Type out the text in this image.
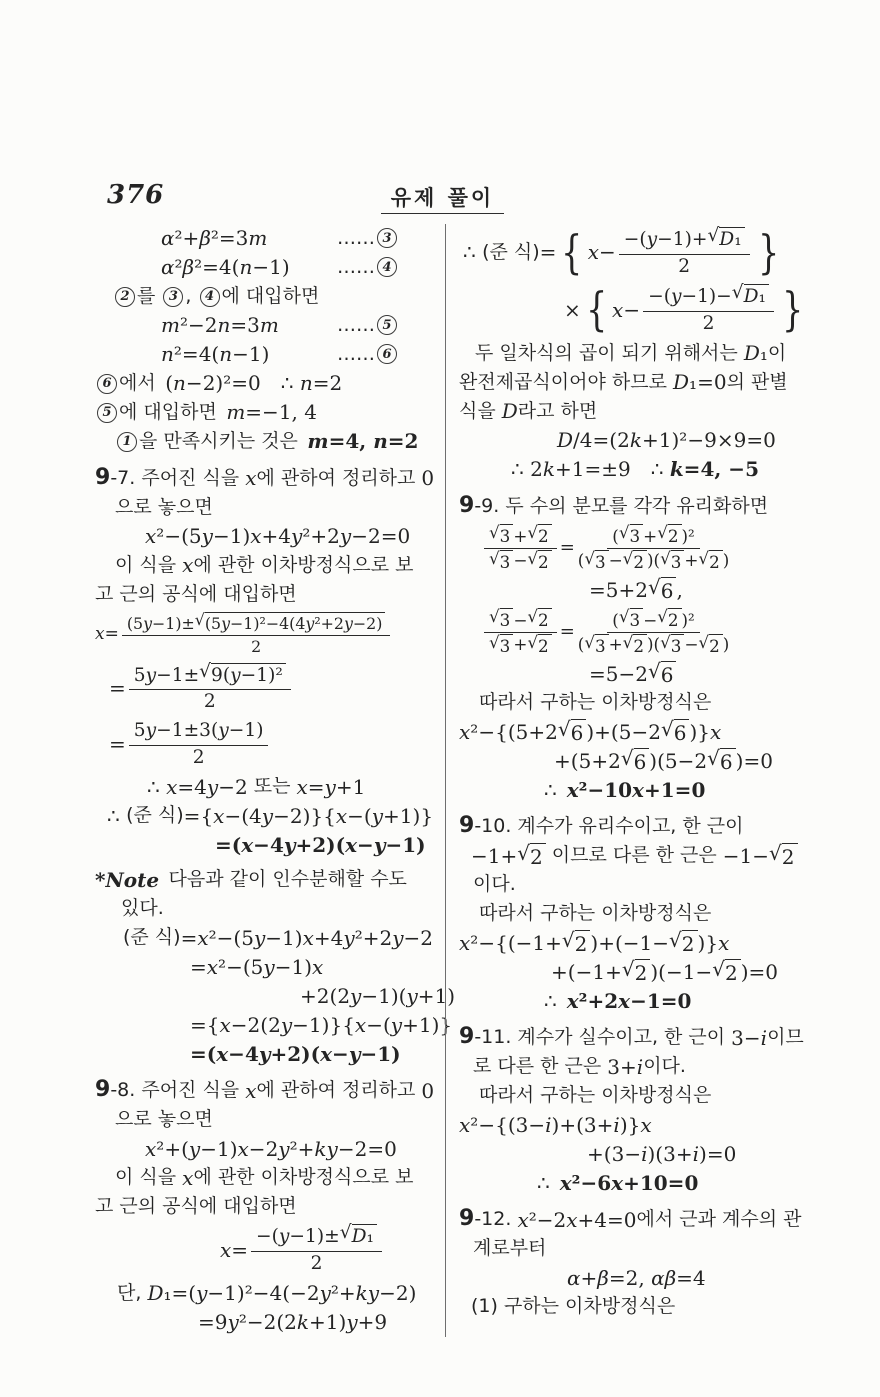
376	유제 풀이
α²+β²=3m	…… 3
α²β²=4(n−1) …… 4
2 를 3 , 4 에 대입하면
m²−2n=3m	…… 5
n²=4(n−1)	…… 6
6 에서  (n−2)²=0  ∴ n=2
5 에 대입하면  m=−1, 4
1 을 만족시키는 것은  m=4, n=2
9 -7. 주어진 식을 x 에 관하여 정리하고 0
으로 놓으면
x²−(5y−1)x+4y²+2y−2=0
이 식을 x 에 관한 이차방정식으로 보
고 근의 공식에 대입하면
$x= \frac{\text{(5y−1)± √ (5y−1)²−4(4y²+2y−2)}}{2}$
= $\frac{\text{5y−1± √ 9(y−1)²}}{2}$
= $\frac{5y-1\pm 3(y-1)}{2}$
∴ x=4y−2 또는 x=y+1
∴ (준 식) ={x−(4y−2)}{x−(y+1)}
=(x−4y+2)(x−y−1)
*Note  다음과 같이 인수분해할 수도
있다.
(준 식) =x²−(5y−1)x+4y²+2y−2
=x²−(5y−1)x
+2(2y−1)(y+1)
={x−2(2y−1)}{x−(y+1)}
=(x−4y+2)(x−y−1)
9 -8. 주어진 식을 x 에 관하여 정리하고 0
으로 놓으면
x²+(y−1)x−2y²+ky−2=0
이 식을 x 에 관한 이차방정식으로 보
고 근의 공식에 대입하면
$x= \frac{\text{−(y−1)± √ D₁}}{2}$
단, D₁=(y−1)²−4(−2y²+ky−2)
=9y²−2(2k+1)y+9
∴ (준 식) = { $x- \frac{\text{−(y−1)+ √ D₁}}{2}$ }
× { $x- \frac{\text{−(y−1)− √ D₁}}{2}$ }
두 일차식의 곱이 되기 위해서는 D₁ 이
완전제곱식이어야 하므로 D₁=0 의 판별
식을 D 라고 하면
D/4=(2k+1)²−9×9=0
∴ 2k+1=±9  ∴ k=4, −5
9 -9. 두 수의 분모를 각각 유리화하면
$\frac{√ 3 + √ 2}{√ 3 - √ 2} = \frac{\text{( √ 3 + √ 2 )²}}{( √ 3 - √ 2 )( √ 3 + √ 2 )}$
=5+2 √ 6 ,
$\frac{√ 3 - √ 2}{√ 3 + √ 2} = \frac{\text{( √ 3 − √ 2 )²}}{( √ 3 + √ 2 )( √ 3 - √ 2 )}$
=5−2 √ 6
따라서 구하는 이차방정식은
x²−{(5+2 √ 6 )+(5−2 √ 6 )}x
+(5+2 √ 6 )(5−2 √ 6 )=0
∴  x²−10x+1=0
9 -10. 계수가 유리수이고, 한 근이
−1+ √ 2 이므로 다른 한 근은 −1− √ 2
이다.
따라서 구하는 이차방정식은
x²−{(−1+ √ 2 )+(−1− √ 2 )}x
+(−1+ √ 2 )(−1− √ 2 )=0
∴  x²+2x−1=0
9 -11. 계수가 실수이고, 한 근이 3−i 이므
로 다른 한 근은 3+i 이다.
따라서 구하는 이차방정식은
x²−{(3−i)+(3+i)}x
+(3−i)(3+i)=0
∴  x²−6x+10=0
9 -12. x²−2x+4=0 에서 근과 계수의 관
계로부터
α+β=2, αβ=4
(1) 구하는 이차방정식은
